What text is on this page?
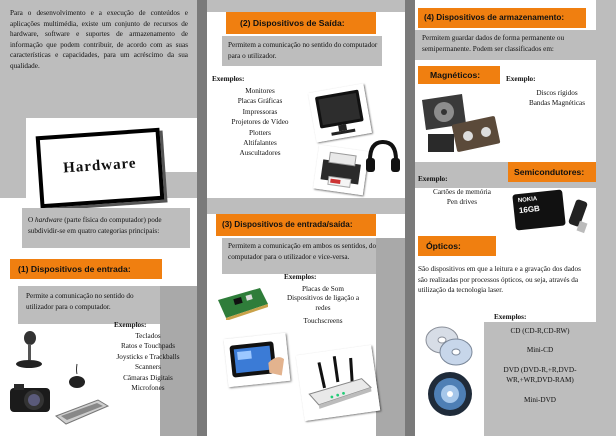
Para o desenvolvimento e a execução de conteúdos e aplicações multimédia, existe um conjunto de recursos de hardware, software e suportes de armazenamento de informação que podem contribuir, de acordo com as suas características e capacidades, para um acréscimo da sua qualidade.
Hardware
O hardware (parte física do computador) pode subdividir-se em quatro categorias principais:
(1) Dispositivos de entrada:
Permite a comunicação no sentido do utilizador para o computador.
Exemplos:
Teclados
Ratos e Touchpads
Joysticks e Trackballs
Scanners
Câmaras Digitais
Microfones
(2) Dispositivos de Saída:
Permitem a comunicação no sentido do computador para o utilizador.
Exemplos:
Monitores
Placas Gráficas
Impressoras
Projetores de Vídeo
Plotters
Altifalantes
Auscultadores
(3) Dispositivos de entrada/saída:
Permitem a comunicação em ambos os sentidos, do computador para o utilizador e vice-versa.
Exemplos:
Placas de Som
Dispositivos de ligação a redes
Touchscreens
(4) Dispositivos de armazenamento:
Permitem guardar dados de forma permanente ou semipermanente. Podem ser classificados em:
Magnéticos:	Exemplo:
Discos rígidos
Bandas Magnéticas
Semicondutores:
Exemplo:
Cartões de memória
Pen drives	NOKIA
16GB
Ópticos:
São dispositivos em que a leitura e a gravação dos dados são realizadas por processos ópticos, ou seja, através da utilização da tecnologia laser.
Exemplos:
CD (CD-R,CD-RW)
Mini-CD
DVD (DVD-R,+R,DVD-WR,+WR,DVD-RAM)
Mini-DVD
